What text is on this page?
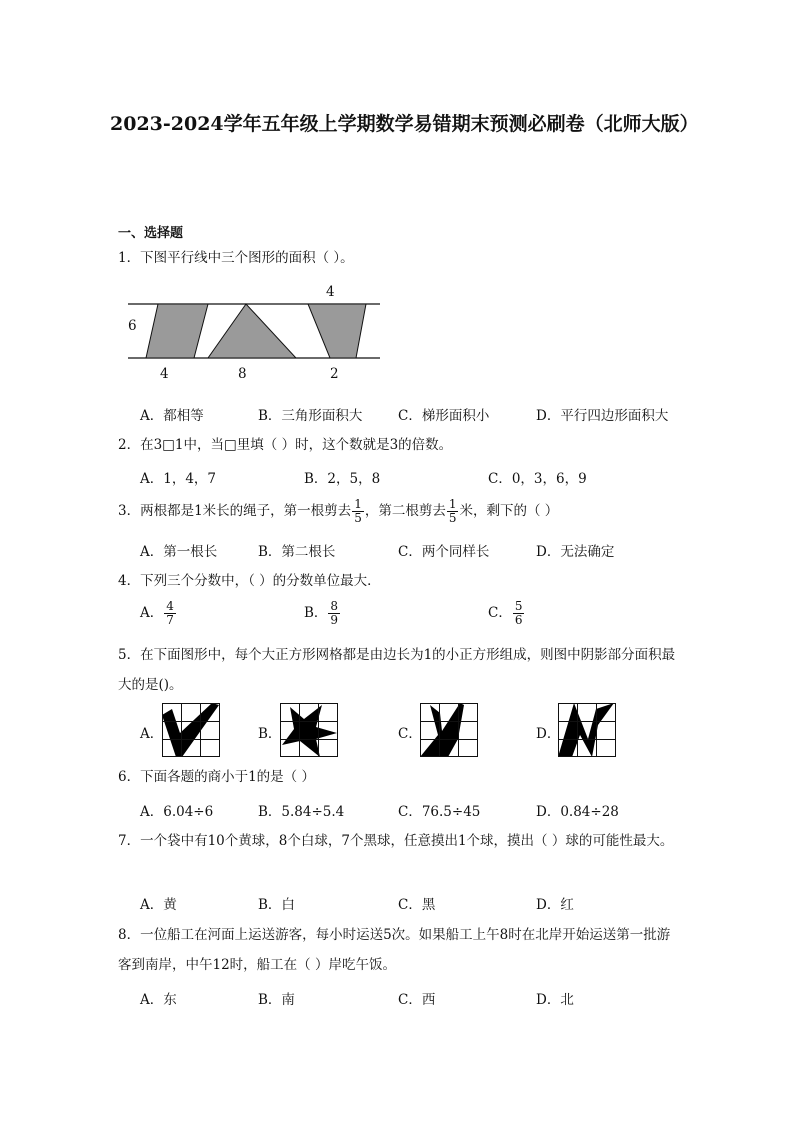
2023-2024学年五年级上学期数学易错期末预测必刷卷（北师大版）
一、选择题
1．下图平行线中三个图形的面积（ ）。
4
6
4	8	2
A．都相等	B．三角形面积大	C．梯形面积小	D．平行四边形面积大
2．在3□1中，当□里填（ ）时，这个数就是3的倍数。
A．1，4，7	B．2，5，8	C．0，3，6，9
3．两根都是1米长的绳子，第一根剪去 $\frac{1}{5}$ ，第二根剪去 $\frac{1}{5}$ 米，剩下的（ ）
A．第一根长	B．第二根长	C．两个同样长	D．无法确定
4．下列三个分数中，（ ）的分数单位最大．
A． $\frac{4}{7}$	B． $\frac{8}{9}$	C． $\frac{5}{6}$
5．在下面图形中，每个大正方形网格都是由边长为1的小正方形组成，则图中阴影部分面积最大的是()。
A．	B．	C．	D．
6．下面各题的商小于1的是（ ）
A．6.04÷6	B．5.84÷5.4	C．76.5÷45	D．0.84÷28
7．一个袋中有10个黄球，8个白球，7个黑球，任意摸出1个球，摸出（ ）球的可能性最大。
A．黄	B．白	C．黑	D．红
8．一位船工在河面上运送游客，每小时运送5次。如果船工上午8时在北岸开始运送第一批游客到南岸，中午12时，船工在（ ）岸吃午饭。
A．东	B．南	C．西	D．北
